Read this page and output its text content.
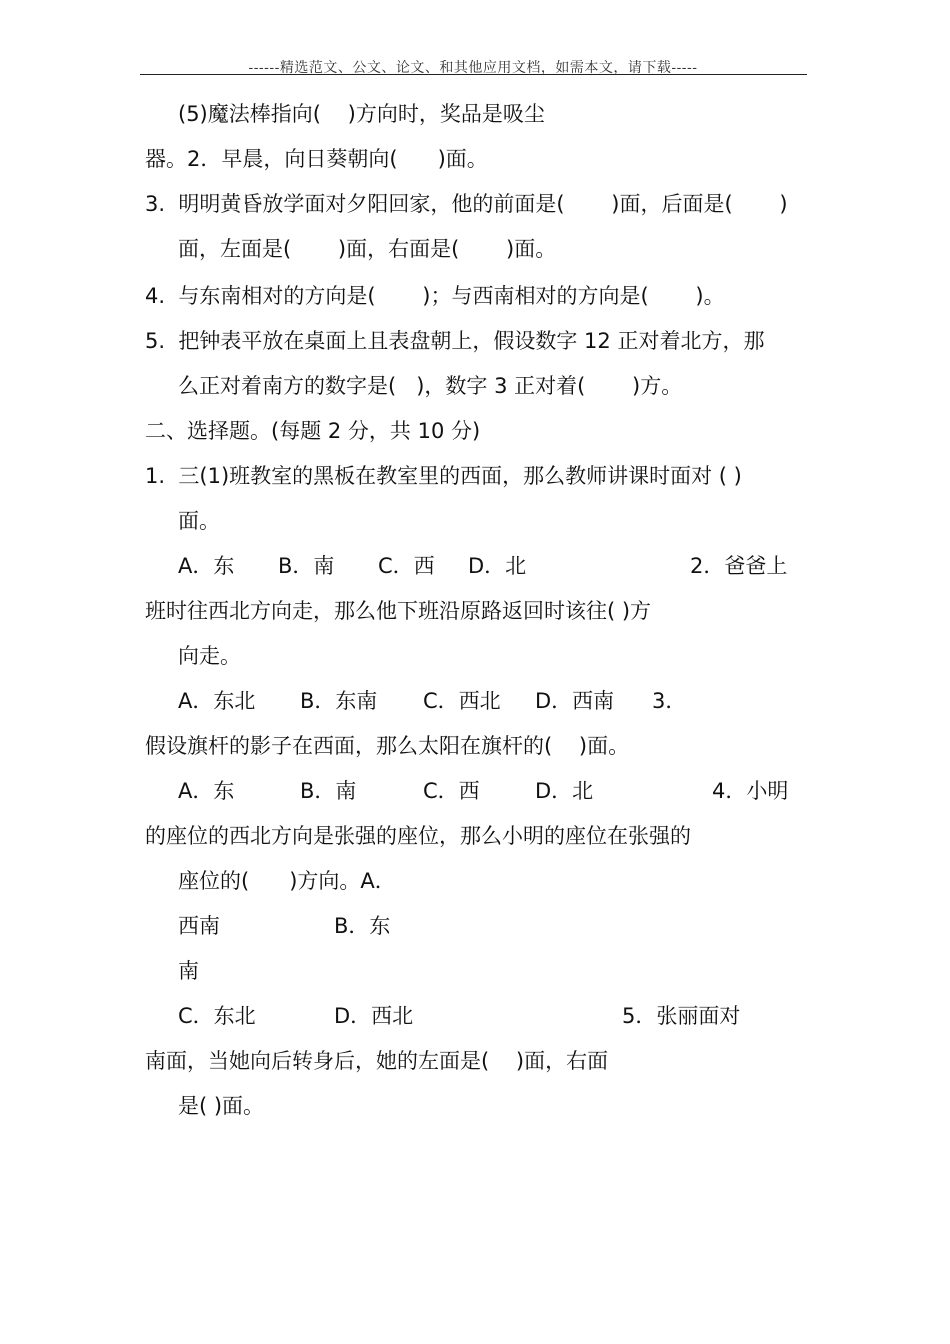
------精选范文、公文、论文、和其他应用文档，如需本文，请下载-----
(5)魔法棒指向(    )方向时，奖品是吸尘
器。2．早晨，向日葵朝向(      )面。
3.  明明黄昏放学面对夕阳回家，他的前面是(       )面，后面是(       )
面，左面是(       )面，右面是(       )面。
4.  与东南相对的方向是(       )；与西南相对的方向是(       )。
5.  把钟表平放在桌面上且表盘朝上，假设数字 12 正对着北方，那
么正对着南方的数字是(   )，数字 3 正对着(       )方。
二、选择题。(每题 2 分，共 10 分)
1.  三(1)班教室的黑板在教室里的西面，那么教师讲课时面对 ( )
面。
A．东 B．南 C．西 D．北	2．爸爸上
班时往西北方向走，那么他下班沿原路返回时该往( )方
向走。
A．东北 B．东南 C．西北 D．西南 3．
假设旗杆的影子在西面，那么太阳在旗杆的(    )面。
A．东	B．南	C．西	D．北	4．小明
的座位的西北方向是张强的座位，那么小明的座位在张强的
座位的(      )方向。A．
西南	B．东
南
C．东北	D．西北	5．张丽面对
南面，当她向后转身后，她的左面是(    )面，右面
是( )面。
